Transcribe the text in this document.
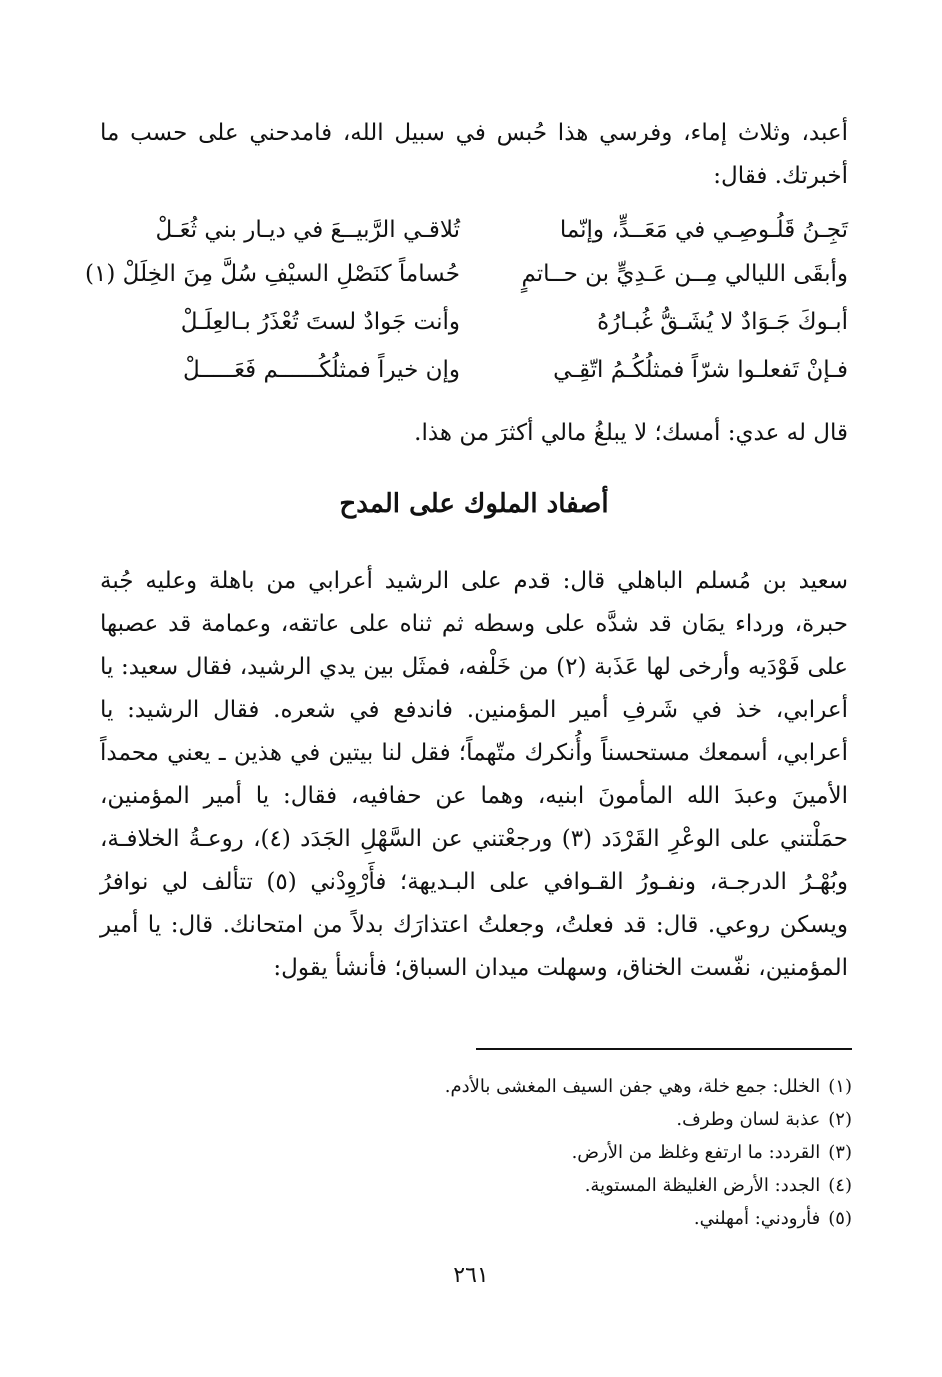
أعبد، وثلاث إماء، وفرسي هذا حُبس في سبيل الله، فامدحني على حسب ما أخبرتك. فقال:

تَجِـنُ قَلُـوصِـي في مَعَــدٍّ، وإنّما
تُلاقـي الرَّبيــعَ في ديـار بني ثُعَـلْ
وأبقَى الليالي مِــن عَـدِيٍّ بن حــاتمٍ
حُساماً كنَصْلِ السيْفِ سُلَّ مِنَ الخِلَلْ (١)
أبـوكَ جَـوَادٌ لا يُشَـقُّ غُبـارُهُ
وأنت جَوادٌ لستَ تُعْذَرُ بـالعِلَـلْ
فـإنْ تَفعلـوا شرّاً فمثلُكُـمُ اتّقِـي
وإن خيراً فمثلُكُــــــم فَعَـــــلْ

قال له عدي: أمسك؛ لا يبلغُ مالي أكثرَ من هذا.

أصفاد الملوك على المدح

سعيد بن مُسلم الباهلي قال: قدم على الرشيد أعرابي من باهلة وعليه جُبة حبرة، ورداء يمَان قد شدَّه على وسطه ثم ثناه على عاتقه، وعمامة قد عصبها على فَوْدَيه وأرخى لها عَذَبة (٢) من خَلْفه، فمثَل بين يدي الرشيد، فقال سعيد: يا أعرابي، خذ في شَرفِ أمير المؤمنين. فاندفع في شعره. فقال الرشيد: يا أعرابي، أسمعك مستحسناً وأُنكرك متّهماً؛ فقل لنا بيتين في هذين ـ يعني محمداً الأمينَ وعبدَ الله المأمونَ ابنيه، وهما عن حفافيه، فقال: يا أمير المؤمنين، حمَلْتني على الوعْرِ القَرْدَد (٣) ورجعْتني عن السَّهْلِ الجَدَد (٤)، روعـةُ الخلافـة، وبُهْـرُ الدرجـة، ونفـورُ القـوافي على البـديهة؛ فأَرْوِدْني (٥) تتألف لي نوافرُ ويسكن روعي. قال: قد فعلتُ، وجعلتُ اعتذارَك بدلاً من امتحانك. قال: يا أمير المؤمنين، نفّست الخناق، وسهلت ميدان السباق؛ فأنشأ يقول:

(١)الخلل: جمع خلة، وهي جفن السيف المغشى بالأدم.
(٢)عذبة لسان وطرف.
(٣)القردد: ما ارتفع وغلظ من الأرض.
(٤)الجدد: الأرض الغليظة المستوية.
(٥)فأرودني: أمهلني.
٢٦١
